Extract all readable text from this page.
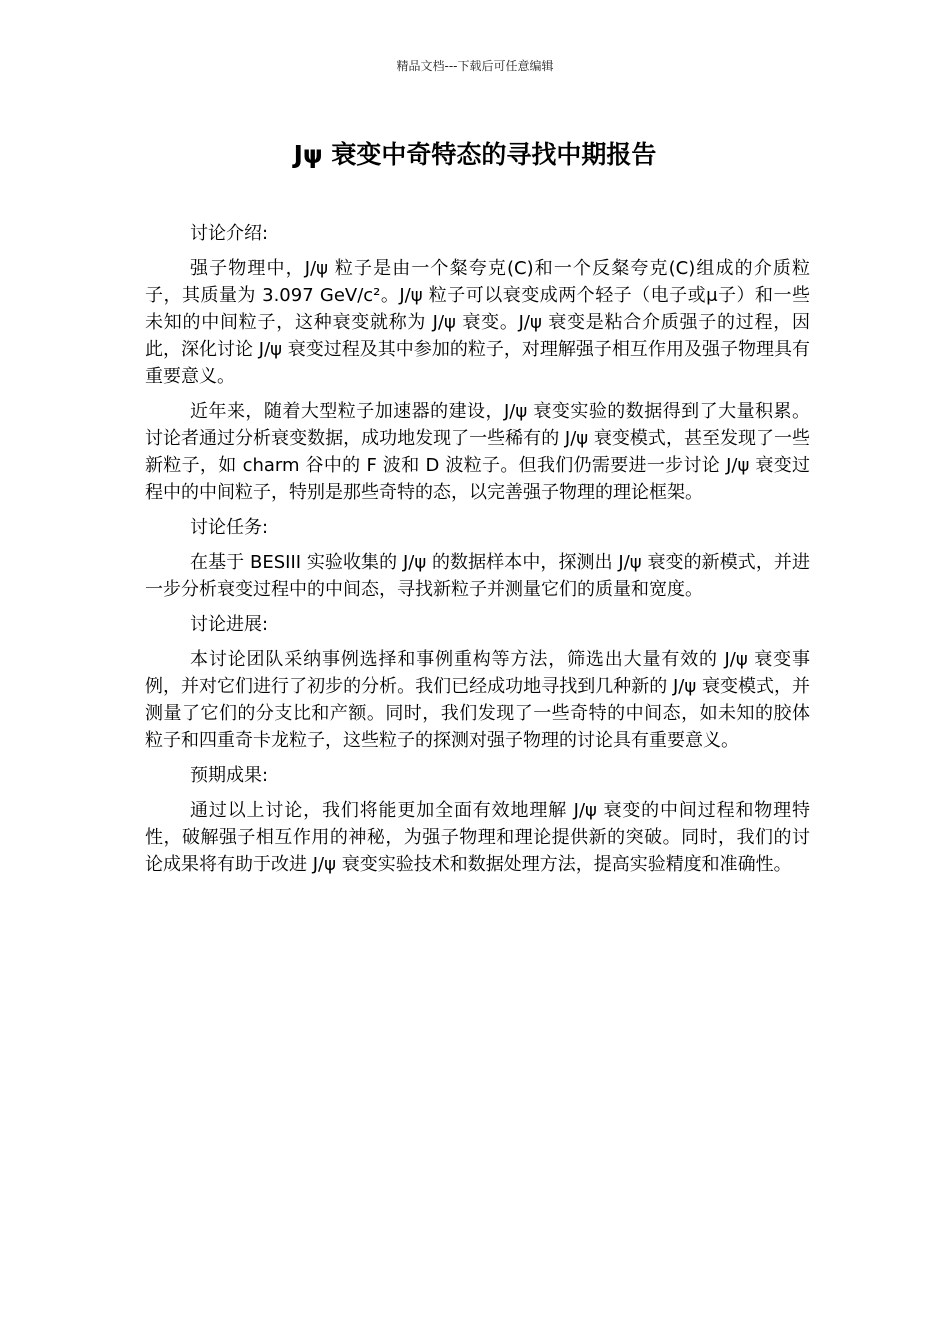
精品文档---下载后可任意编辑
Jψ 衰变中奇特态的寻找中期报告

讨论介绍:

强子物理中，J/ψ 粒子是由一个粲夸克(C)和一个反粲夸克(C)组成的介质粒子，其质量为 3.097 GeV/c²。J/ψ 粒子可以衰变成两个轻子（电子或μ子）和一些未知的中间粒子，这种衰变就称为 J/ψ 衰变。J/ψ 衰变是粘合介质强子的过程，因此，深化讨论 J/ψ 衰变过程及其中参加的粒子，对理解强子相互作用及强子物理具有重要意义。

近年来，随着大型粒子加速器的建设，J/ψ 衰变实验的数据得到了大量积累。讨论者通过分析衰变数据，成功地发现了一些稀有的 J/ψ 衰变模式，甚至发现了一些新粒子，如 charm 谷中的 F 波和 D 波粒子。但我们仍需要进一步讨论 J/ψ 衰变过程中的中间粒子，特别是那些奇特的态，以完善强子物理的理论框架。

讨论任务:

在基于 BESIII 实验收集的 J/ψ 的数据样本中，探测出 J/ψ 衰变的新模式，并进一步分析衰变过程中的中间态，寻找新粒子并测量它们的质量和宽度。

讨论进展:

本讨论团队采纳事例选择和事例重构等方法，筛选出大量有效的 J/ψ 衰变事例，并对它们进行了初步的分析。我们已经成功地寻找到几种新的 J/ψ 衰变模式，并测量了它们的分支比和产额。同时，我们发现了一些奇特的中间态，如未知的胶体粒子和四重奇卡龙粒子，这些粒子的探测对强子物理的讨论具有重要意义。

预期成果:

通过以上讨论，我们将能更加全面有效地理解 J/ψ 衰变的中间过程和物理特性，破解强子相互作用的神秘，为强子物理和理论提供新的突破。同时，我们的讨论成果将有助于改进 J/ψ 衰变实验技术和数据处理方法，提高实验精度和准确性。
